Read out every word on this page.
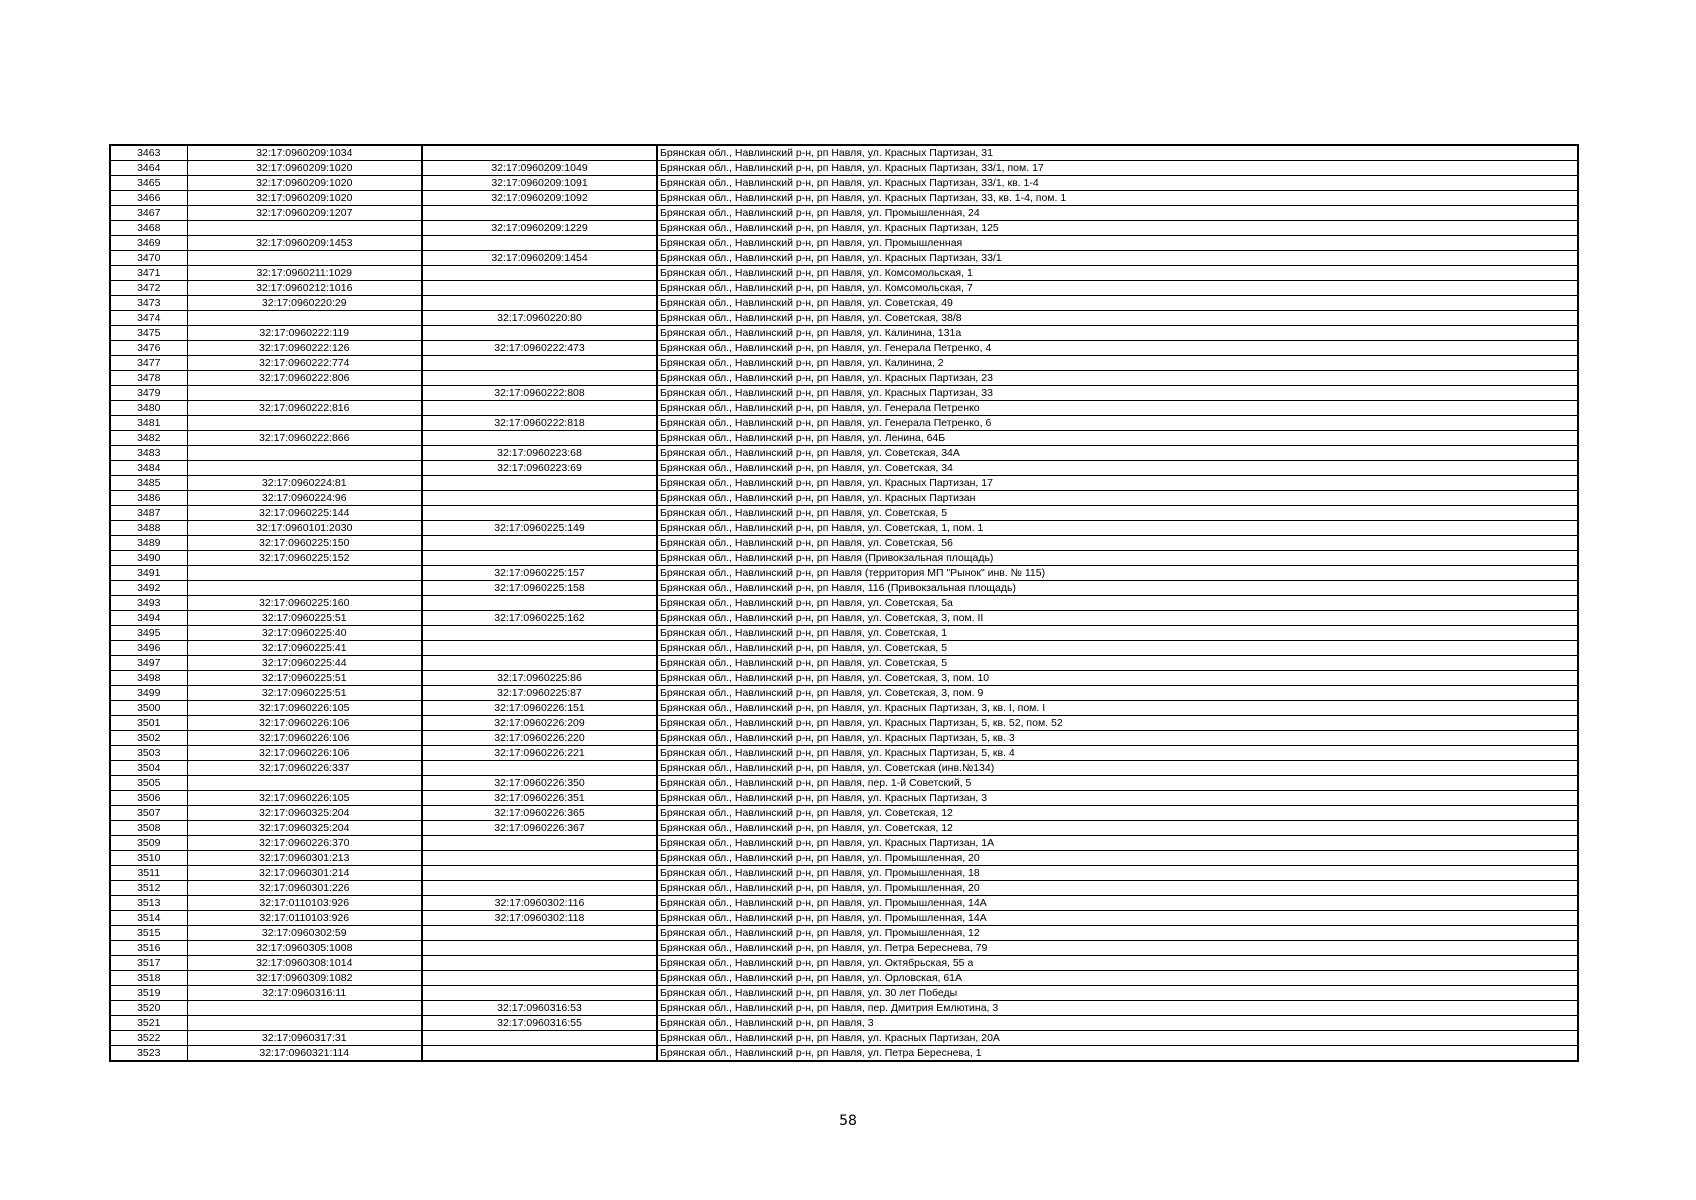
3463	32:17:0960209:1034		Брянская обл., Навлинский р-н, рп Навля, ул. Красных Партизан, 31
3464	32:17:0960209:1020	32:17:0960209:1049	Брянская обл., Навлинский р-н, рп Навля, ул. Красных Партизан, 33/1, пом. 17
3465	32:17:0960209:1020	32:17:0960209:1091	Брянская обл., Навлинский р-н, рп Навля, ул. Красных Партизан, 33/1, кв. 1-4
3466	32:17:0960209:1020	32:17:0960209:1092	Брянская обл., Навлинский р-н, рп Навля, ул. Красных Партизан, 33, кв. 1-4, пом. 1
3467	32:17:0960209:1207		Брянская обл., Навлинский р-н, рп Навля, ул. Промышленная, 24
3468		32:17:0960209:1229	Брянская обл., Навлинский р-н, рп Навля, ул. Красных Партизан, 125
3469	32:17:0960209:1453		Брянская обл., Навлинский р-н, рп Навля, ул. Промышленная
3470		32:17:0960209:1454	Брянская обл., Навлинский р-н, рп Навля, ул. Красных Партизан, 33/1
3471	32:17:0960211:1029		Брянская обл., Навлинский р-н, рп Навля, ул. Комсомольская, 1
3472	32:17:0960212:1016		Брянская обл., Навлинский р-н, рп Навля, ул. Комсомольская, 7
3473	32:17:0960220:29		Брянская обл., Навлинский р-н, рп Навля, ул. Советская, 49
3474		32:17:0960220:80	Брянская обл., Навлинский р-н, рп Навля, ул. Советская, 38/8
3475	32:17:0960222:119		Брянская обл., Навлинский р-н, рп Навля, ул. Калинина, 131а
3476	32:17:0960222:126	32:17:0960222:473	Брянская обл., Навлинский р-н, рп Навля, ул. Генерала Петренко, 4
3477	32:17:0960222:774		Брянская обл., Навлинский р-н, рп Навля, ул. Калинина, 2
3478	32:17:0960222:806		Брянская обл., Навлинский р-н, рп Навля, ул. Красных Партизан, 23
3479		32:17:0960222:808	Брянская обл., Навлинский р-н, рп Навля, ул. Красных Партизан, 33
3480	32:17:0960222:816		Брянская обл., Навлинский р-н, рп Навля, ул. Генерала Петренко
3481		32:17:0960222:818	Брянская обл., Навлинский р-н, рп Навля, ул. Генерала Петренко, 6
3482	32:17:0960222:866		Брянская обл., Навлинский р-н, рп Навля, ул. Ленина, 64Б
3483		32:17:0960223:68	Брянская обл., Навлинский р-н, рп Навля, ул. Советская, 34А
3484		32:17:0960223:69	Брянская обл., Навлинский р-н, рп Навля, ул. Советская, 34
3485	32:17:0960224:81		Брянская обл., Навлинский р-н, рп Навля, ул. Красных Партизан, 17
3486	32:17:0960224:96		Брянская обл., Навлинский р-н, рп Навля, ул. Красных Партизан
3487	32:17:0960225:144		Брянская обл., Навлинский р-н, рп Навля, ул. Советская, 5
3488	32:17:0960101:2030	32:17:0960225:149	Брянская обл., Навлинский р-н, рп Навля, ул. Советская, 1, пом. 1
3489	32:17:0960225:150		Брянская обл., Навлинский р-н, рп Навля, ул. Советская, 56
3490	32:17:0960225:152		Брянская обл., Навлинский р-н, рп Навля (Привокзальная площадь)
3491		32:17:0960225:157	Брянская обл., Навлинский р-н, рп Навля (территория МП "Рынок" инв. № 115)
3492		32:17:0960225:158	Брянская обл., Навлинский р-н, рп Навля, 116 (Привокзальная площадь)
3493	32:17:0960225:160		Брянская обл., Навлинский р-н, рп Навля, ул. Советская, 5а
3494	32:17:0960225:51	32:17:0960225:162	Брянская обл., Навлинский р-н, рп Навля, ул. Советская, 3, пом. II
3495	32:17:0960225:40		Брянская обл., Навлинский р-н, рп Навля, ул. Советская, 1
3496	32:17:0960225:41		Брянская обл., Навлинский р-н, рп Навля, ул. Советская, 5
3497	32:17:0960225:44		Брянская обл., Навлинский р-н, рп Навля, ул. Советская, 5
3498	32:17:0960225:51	32:17:0960225:86	Брянская обл., Навлинский р-н, рп Навля, ул. Советская, 3, пом. 10
3499	32:17:0960225:51	32:17:0960225:87	Брянская обл., Навлинский р-н, рп Навля, ул. Советская, 3, пом. 9
3500	32:17:0960226:105	32:17:0960226:151	Брянская обл., Навлинский р-н, рп Навля, ул. Красных Партизан, 3, кв. I, пом. I
3501	32:17:0960226:106	32:17:0960226:209	Брянская обл., Навлинский р-н, рп Навля, ул. Красных Партизан, 5, кв. 52, пом. 52
3502	32:17:0960226:106	32:17:0960226:220	Брянская обл., Навлинский р-н, рп Навля, ул. Красных Партизан, 5, кв. 3
3503	32:17:0960226:106	32:17:0960226:221	Брянская обл., Навлинский р-н, рп Навля, ул. Красных Партизан, 5, кв. 4
3504	32:17:0960226:337		Брянская обл., Навлинский р-н, рп Навля, ул. Советская (инв.№134)
3505		32:17:0960226:350	Брянская обл., Навлинский р-н, рп Навля, пер. 1-й Советский, 5
3506	32:17:0960226:105	32:17:0960226:351	Брянская обл., Навлинский р-н, рп Навля, ул. Красных Партизан, 3
3507	32:17:0960325:204	32:17:0960226:365	Брянская обл., Навлинский р-н, рп Навля, ул. Советская, 12
3508	32:17:0960325:204	32:17:0960226:367	Брянская обл., Навлинский р-н, рп Навля, ул. Советская, 12
3509	32:17:0960226:370		Брянская обл., Навлинский р-н, рп Навля, ул. Красных Партизан, 1А
3510	32:17:0960301:213		Брянская обл., Навлинский р-н, рп Навля, ул. Промышленная, 20
3511	32:17:0960301:214		Брянская обл., Навлинский р-н, рп Навля, ул. Промышленная, 18
3512	32:17:0960301:226		Брянская обл., Навлинский р-н, рп Навля, ул. Промышленная, 20
3513	32:17:0110103:926	32:17:0960302:116	Брянская обл., Навлинский р-н, рп Навля, ул. Промышленная, 14А
3514	32:17:0110103:926	32:17:0960302:118	Брянская обл., Навлинский р-н, рп Навля, ул. Промышленная, 14А
3515	32:17:0960302:59		Брянская обл., Навлинский р-н, рп Навля, ул. Промышленная, 12
3516	32:17:0960305:1008		Брянская обл., Навлинский р-н, рп Навля, ул. Петра Бересневa, 79
3517	32:17:0960308:1014		Брянская обл., Навлинский р-н, рп Навля, ул. Октябрьская, 55 а
3518	32:17:0960309:1082		Брянская обл., Навлинский р-н, рп Навля, ул. Орловская, 61А
3519	32:17:0960316:11		Брянская обл., Навлинский р-н, рп Навля, ул. 30 лет Победы
3520		32:17:0960316:53	Брянская обл., Навлинский р-н, рп Навля, пер. Дмитрия Емлютина, 3
3521		32:17:0960316:55	Брянская обл., Навлинский р-н, рп Навля, 3
3522	32:17:0960317:31		Брянская обл., Навлинский р-н, рп Навля, ул. Красных Партизан, 20А
3523	32:17:0960321:114		Брянская обл., Навлинский р-н, рп Навля, ул. Петра Бересневa, 1
58
